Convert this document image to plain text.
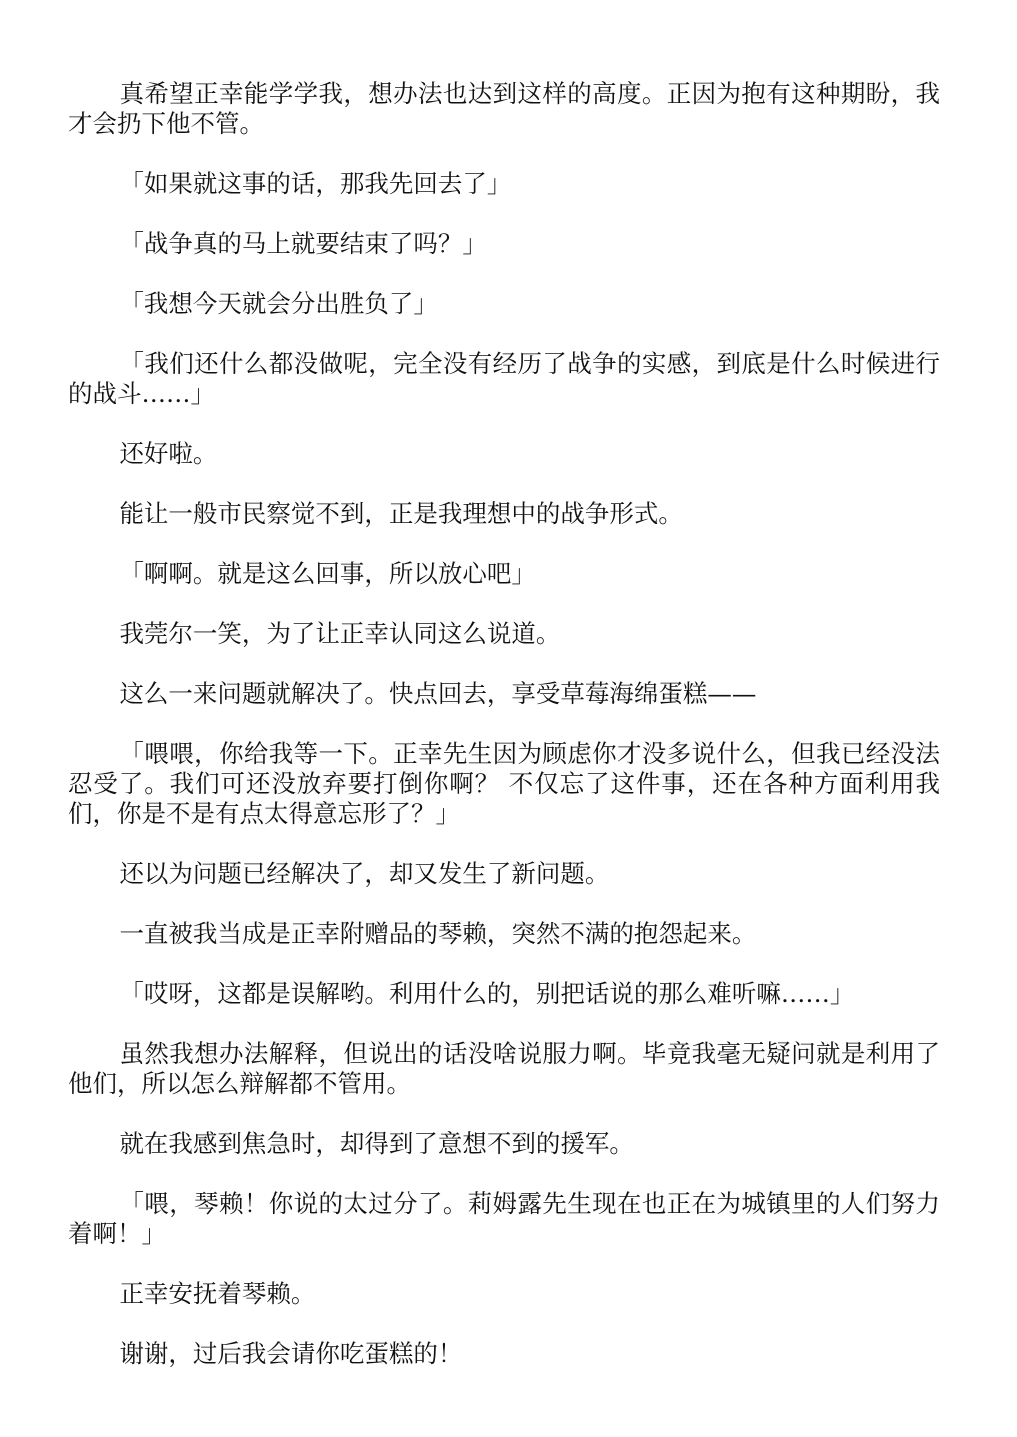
真希望正幸能学学我，想办法也达到这样的高度。正因为抱有这种期盼，我才会扔下他不管。

「如果就这事的话，那我先回去了」

「战争真的马上就要结束了吗？」

「我想今天就会分出胜负了」

「我们还什么都没做呢，完全没有经历了战争的实感，到底是什么时候进行的战斗……」

还好啦。

能让一般市民察觉不到，正是我理想中的战争形式。

「啊啊。就是这么回事，所以放心吧」

我莞尔一笑，为了让正幸认同这么说道。

这么一来问题就解决了。快点回去，享受草莓海绵蛋糕——

「喂喂，你给我等一下。正幸先生因为顾虑你才没多说什么，但我已经没法忍受了。我们可还没放弃要打倒你啊？ 不仅忘了这件事，还在各种方面利用我们，你是不是有点太得意忘形了？」

还以为问题已经解决了，却又发生了新问题。

一直被我当成是正幸附赠品的琴赖，突然不满的抱怨起来。

「哎呀，这都是误解哟。利用什么的，别把话说的那么难听嘛……」

虽然我想办法解释，但说出的话没啥说服力啊。毕竟我毫无疑问就是利用了他们，所以怎么辩解都不管用。

就在我感到焦急时，却得到了意想不到的援军。

「喂，琴赖！你说的太过分了。莉姆露先生现在也正在为城镇里的人们努力着啊！」

正幸安抚着琴赖。

谢谢，过后我会请你吃蛋糕的！
